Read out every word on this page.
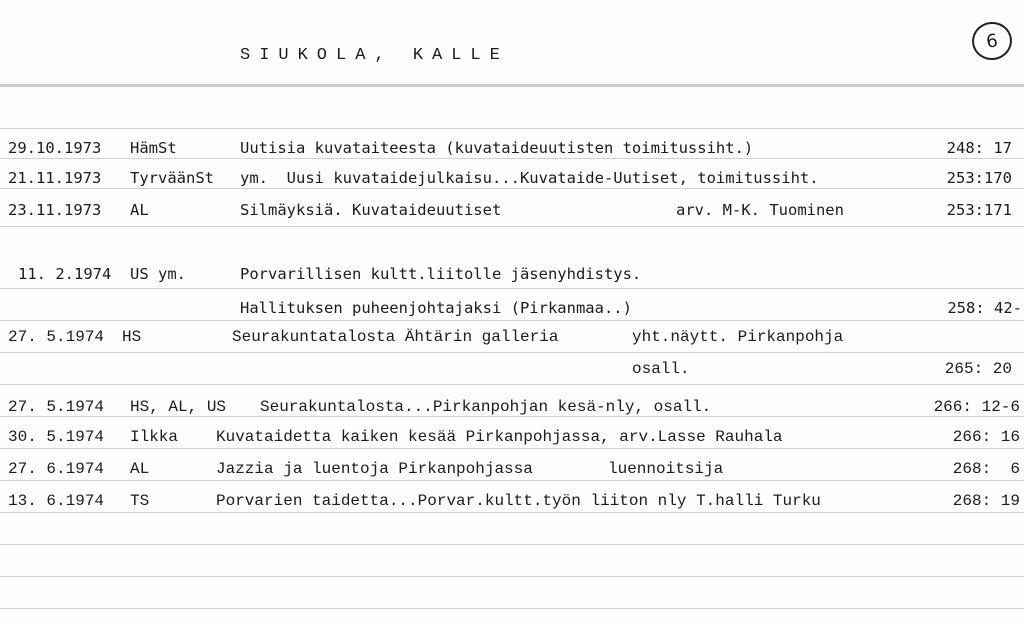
SIUKOLA, KALLE
6
29.10.1973 HämSt	Uutisia kuvataiteesta (kuvataideuutisten toimitussiht.)	248: 17
21.11.1973 TyrväänSt ym.  Uusi kuvataidejulkaisu...Kuvataide-Uutiset, toimitussiht.	253:170
23.11.1973 AL	Silmäyksiä. Kuvataideuutiset	arv. M-K. Tuominen	253:171
11. 2.1974 US ym.	Porvarillisen kultt.liitolle jäsenyhdistys.
Hallituksen puheenjohtajaksi (Pirkanmaa..)	258: 42-
27. 5.1974 HS	Seurakuntatalosta Ähtärin galleria	yht.näytt. Pirkanpohja
osall.	265: 20
27. 5.1974 HS, AL, US Seurakuntalosta...Pirkanpohjan kesä-nly, osall.	266: 12-6
30. 5.1974 Ilkka Kuvataidetta kaiken kesää Pirkanpohjassa, arv.Lasse Rauhala	266: 16
27. 6.1974 AL	Jazzia ja luentoja Pirkanpohjassa	luennoitsija	268:  6
13. 6.1974 TS	Porvarien taidetta...Porvar.kultt.työn liiton nly T.halli Turku	268: 19
